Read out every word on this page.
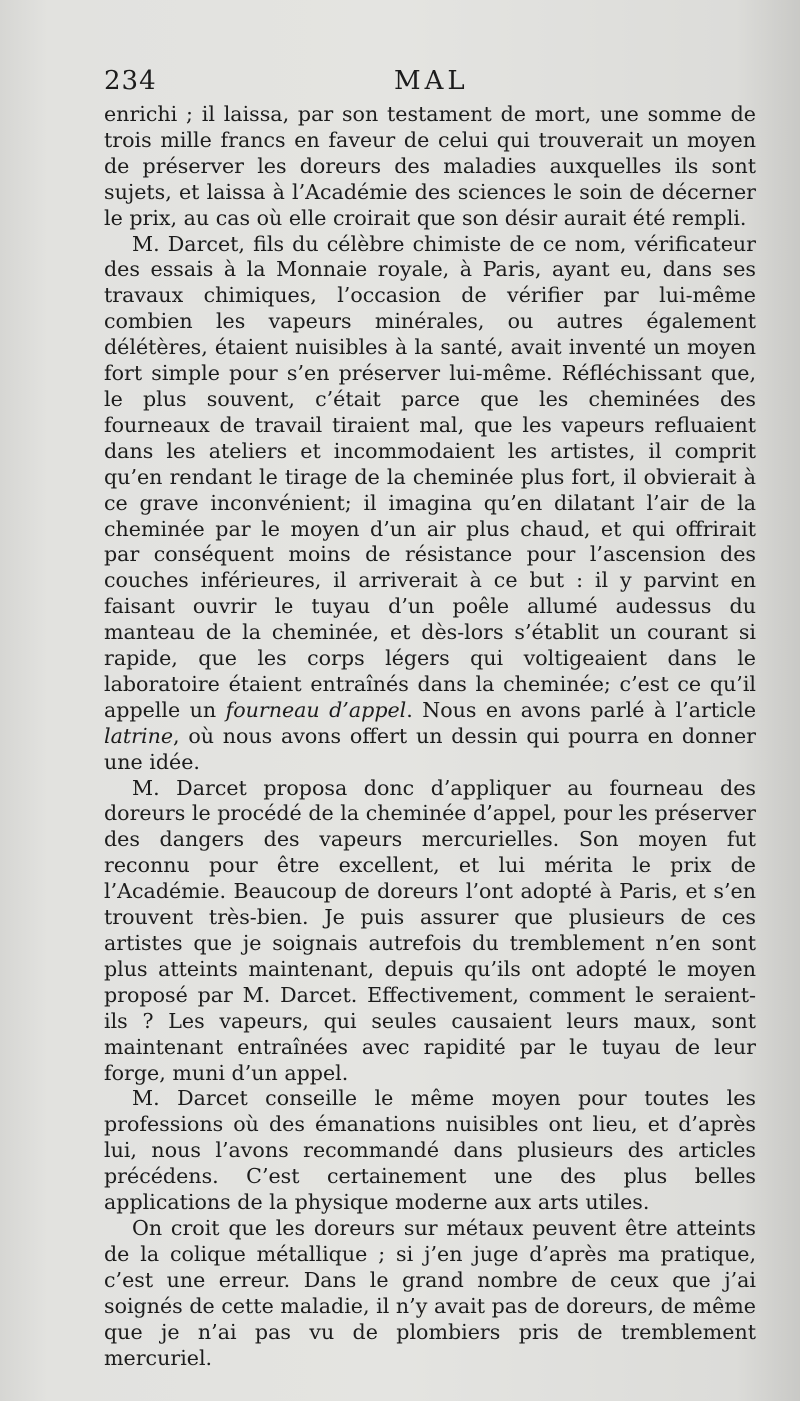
234	MAL

enrichi ; il laissa, par son testament de mort, une somme de trois mille francs en faveur de celui qui trouverait un moyen de préserver les doreurs des maladies auxquelles ils sont sujets, et laissa à l’Académie des sciences le soin de décerner le prix, au cas où elle croirait que son désir aurait été rempli.

M. Darcet, fils du célèbre chimiste de ce nom, vérificateur des essais à la Monnaie royale, à Paris, ayant eu, dans ses travaux chimiques, l’occasion de vérifier par lui-même combien les vapeurs minérales, ou autres également délétères, étaient nuisibles à la santé, avait inventé un moyen fort simple pour s’en préserver lui-même. Réfléchissant que, le plus souvent, c’était parce que les cheminées des fourneaux de travail tiraient mal, que les vapeurs refluaient dans les ateliers et incommodaient les artistes, il comprit qu’en rendant le tirage de la cheminée plus fort, il obvierait à ce grave inconvénient; il imagina qu’en dilatant l’air de la cheminée par le moyen d’un air plus chaud, et qui offrirait par conséquent moins de résistance pour l’ascension des couches inférieures, il arriverait à ce but : il y parvint en faisant ouvrir le tuyau d’un poêle allumé audessus du manteau de la cheminée, et dès-lors s’établit un courant si rapide, que les corps légers qui voltigeaient dans le laboratoire étaient entraînés dans la cheminée; c’est ce qu’il appelle un fourneau d’appel. Nous en avons parlé à l’article latrine, où nous avons offert un dessin qui pourra en donner une idée.

M. Darcet proposa donc d’appliquer au fourneau des doreurs le procédé de la cheminée d’appel, pour les préserver des dangers des vapeurs mercurielles. Son moyen fut reconnu pour être excellent, et lui mérita le prix de l’Académie. Beaucoup de doreurs l’ont adopté à Paris, et s’en trouvent très-bien. Je puis assurer que plusieurs de ces artistes que je soignais autrefois du tremblement n’en sont plus atteints maintenant, depuis qu’ils ont adopté le moyen proposé par M. Darcet. Effectivement, comment le seraient-ils ? Les vapeurs, qui seules causaient leurs maux, sont maintenant entraînées avec rapidité par le tuyau de leur forge, muni d’un appel.

M. Darcet conseille le même moyen pour toutes les professions où des émanations nuisibles ont lieu, et d’après lui, nous l’avons recommandé dans plusieurs des articles précédens. C’est certainement une des plus belles applications de la physique moderne aux arts utiles.

On croit que les doreurs sur métaux peuvent être atteints de la colique métallique ; si j’en juge d’après ma pratique, c’est une erreur. Dans le grand nombre de ceux que j’ai soignés de cette maladie, il n’y avait pas de doreurs, de même que je n’ai pas vu de plombiers pris de tremblement mercuriel.
